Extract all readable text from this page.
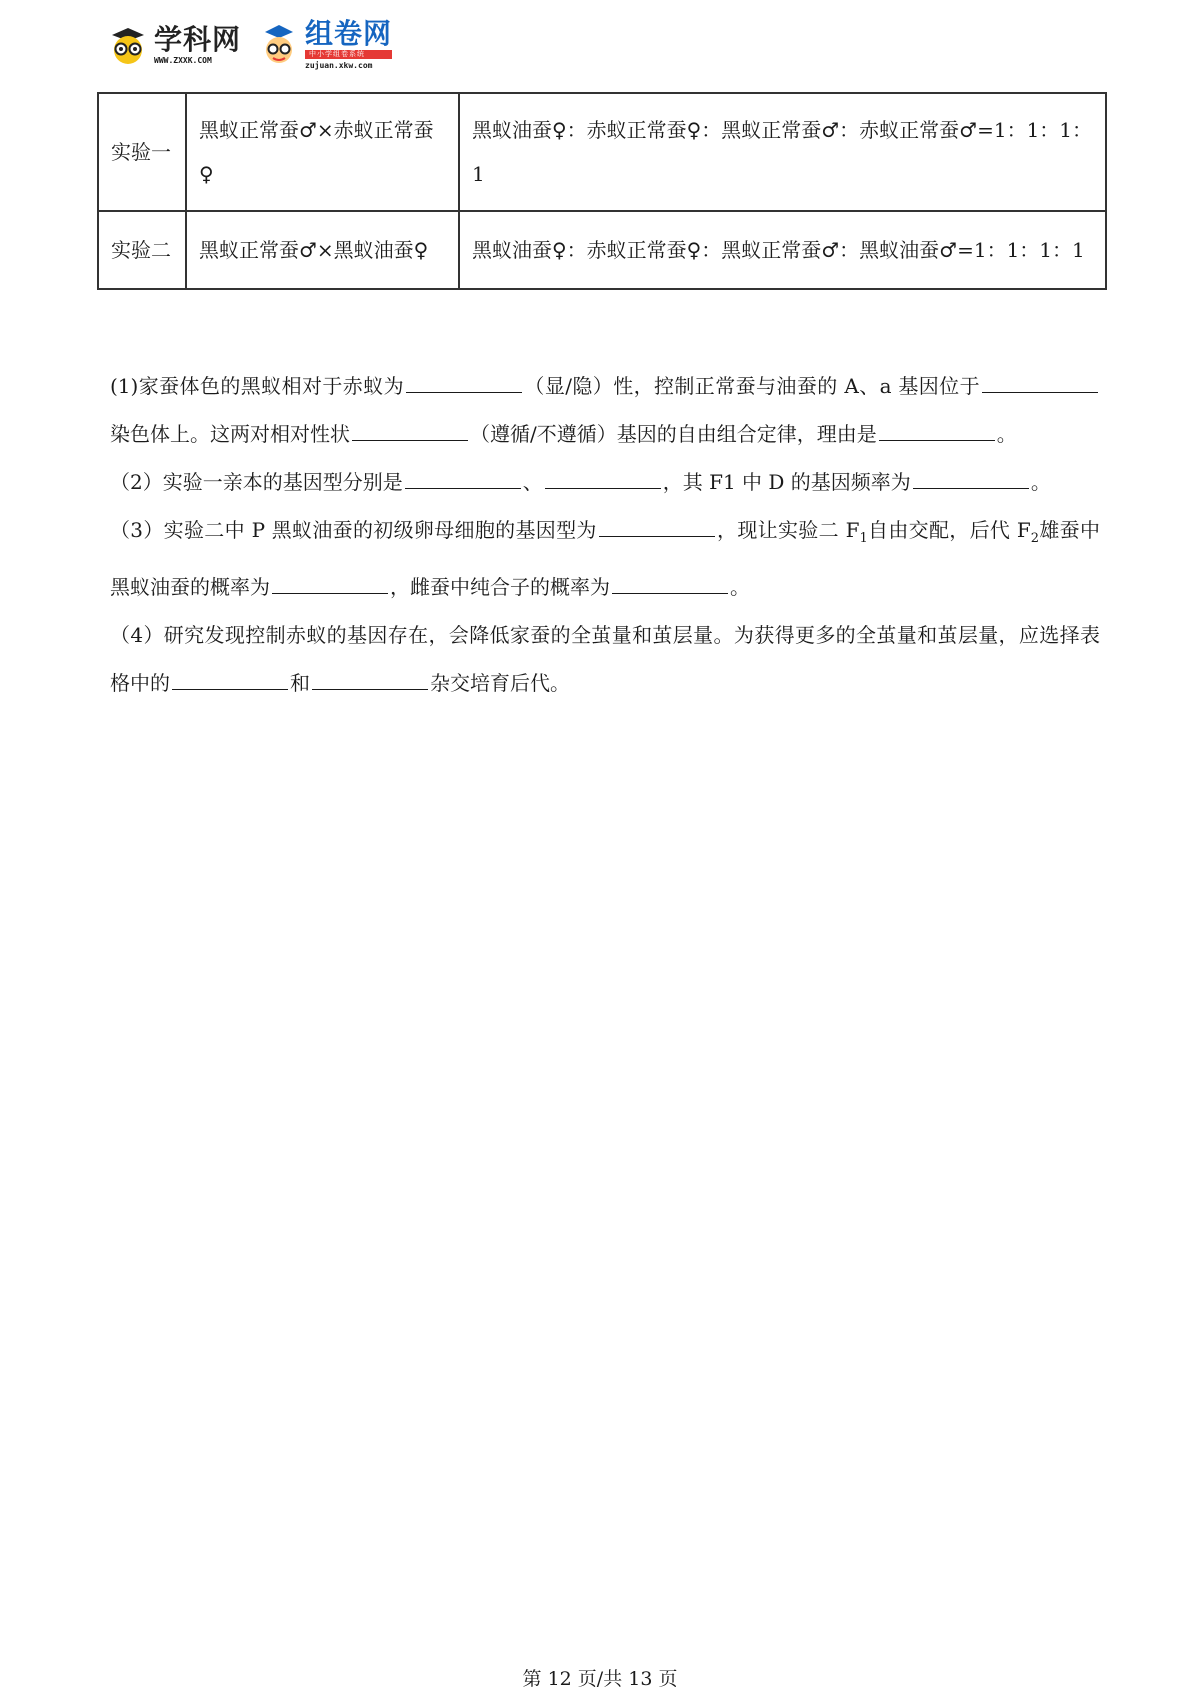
学科网
WWW.ZXXK.COM
组卷网
中小学组卷系统
zujuan.xkw.com
实验一	黑蚁正常蚕♂×赤蚁正常蚕♀	黑蚁油蚕♀：赤蚁正常蚕♀：黑蚁正常蚕♂：赤蚁正常蚕♂=1：1：1：1
实验二	黑蚁正常蚕♂×黑蚁油蚕♀	黑蚁油蚕♀：赤蚁正常蚕♀：黑蚁正常蚕♂：黑蚁油蚕♂=1：1：1：1

(1)家蚕体色的黑蚁相对于赤蚁为	（显/隐）性，控制正常蚕与油蚕的 A、a 基因位于染色体上。这两对相对性状	（遵循/不遵循）基因的自由组合定律，理由是	。

（2）实验一亲本的基因型分别是	、	，其 F1 中 D 的基因频率为	。

（3）实验二中 P 黑蚁油蚕的初级卵母细胞的基因型为	，现让实验二 $F_1$自由交配，后代 $F_2$雄蚕中黑蚁油蚕的概率为	，雌蚕中纯合子的概率为	。

（4）研究发现控制赤蚁的基因存在，会降低家蚕的全茧量和茧层量。为获得更多的全茧量和茧层量，应选择表格中的	和	杂交培育后代。

第 12 页/共 13 页
